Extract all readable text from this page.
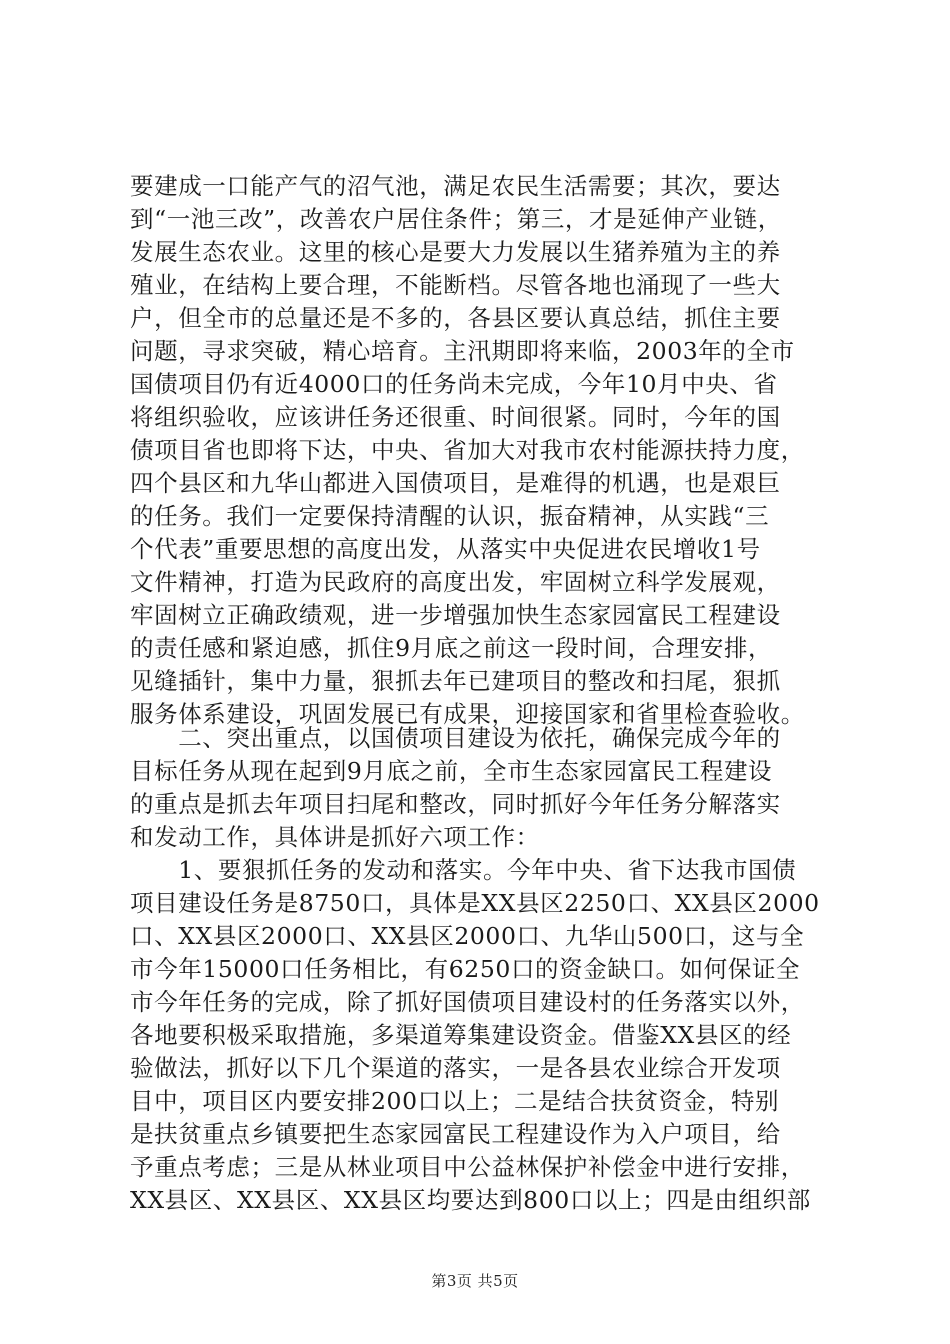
要建成一口能产气的沼气池，满足农民生活需要；其次，要达
到“一池三改”，改善农户居住条件；第三，才是延伸产业链，
发展生态农业。这里的核心是要大力发展以生猪养殖为主的养
殖业，在结构上要合理，不能断档。尽管各地也涌现了一些大
户，但全市的总量还是不多的，各县区要认真总结，抓住主要
问题，寻求突破，精心培育。主汛期即将来临，2003年的全市
国债项目仍有近4000口的任务尚未完成，今年10月中央、省
将组织验收，应该讲任务还很重、时间很紧。同时，今年的国
债项目省也即将下达，中央、省加大对我市农村能源扶持力度，
四个县区和九华山都进入国债项目，是难得的机遇，也是艰巨
的任务。我们一定要保持清醒的认识，振奋精神，从实践“三
个代表”重要思想的高度出发，从落实中央促进农民增收1号
文件精神，打造为民政府的高度出发，牢固树立科学发展观，
牢固树立正确政绩观，进一步增强加快生态家园富民工程建设
的责任感和紧迫感，抓住9月底之前这一段时间，合理安排，
见缝插针，集中力量，狠抓去年已建项目的整改和扫尾，狠抓
服务体系建设，巩固发展已有成果，迎接国家和省里检查验收。
　　二、突出重点，以国债项目建设为依托，确保完成今年的
目标任务从现在起到9月底之前，全市生态家园富民工程建设
的重点是抓去年项目扫尾和整改，同时抓好今年任务分解落实
和发动工作，具体讲是抓好六项工作：
　　1、要狠抓任务的发动和落实。今年中央、省下达我市国债
项目建设任务是8750口，具体是XX县区2250口、XX县区2000
口、XX县区2000口、XX县区2000口、九华山500口，这与全
市今年15000口任务相比，有6250口的资金缺口。如何保证全
市今年任务的完成，除了抓好国债项目建设村的任务落实以外，
各地要积极采取措施，多渠道筹集建设资金。借鉴XX县区的经
验做法，抓好以下几个渠道的落实，一是各县农业综合开发项
目中，项目区内要安排200口以上；二是结合扶贫资金，特别
是扶贫重点乡镇要把生态家园富民工程建设作为入户项目，给
予重点考虑；三是从林业项目中公益林保护补偿金中进行安排，
XX县区、XX县区、XX县区均要达到800口以上；四是由组织部
第3页 共5页
